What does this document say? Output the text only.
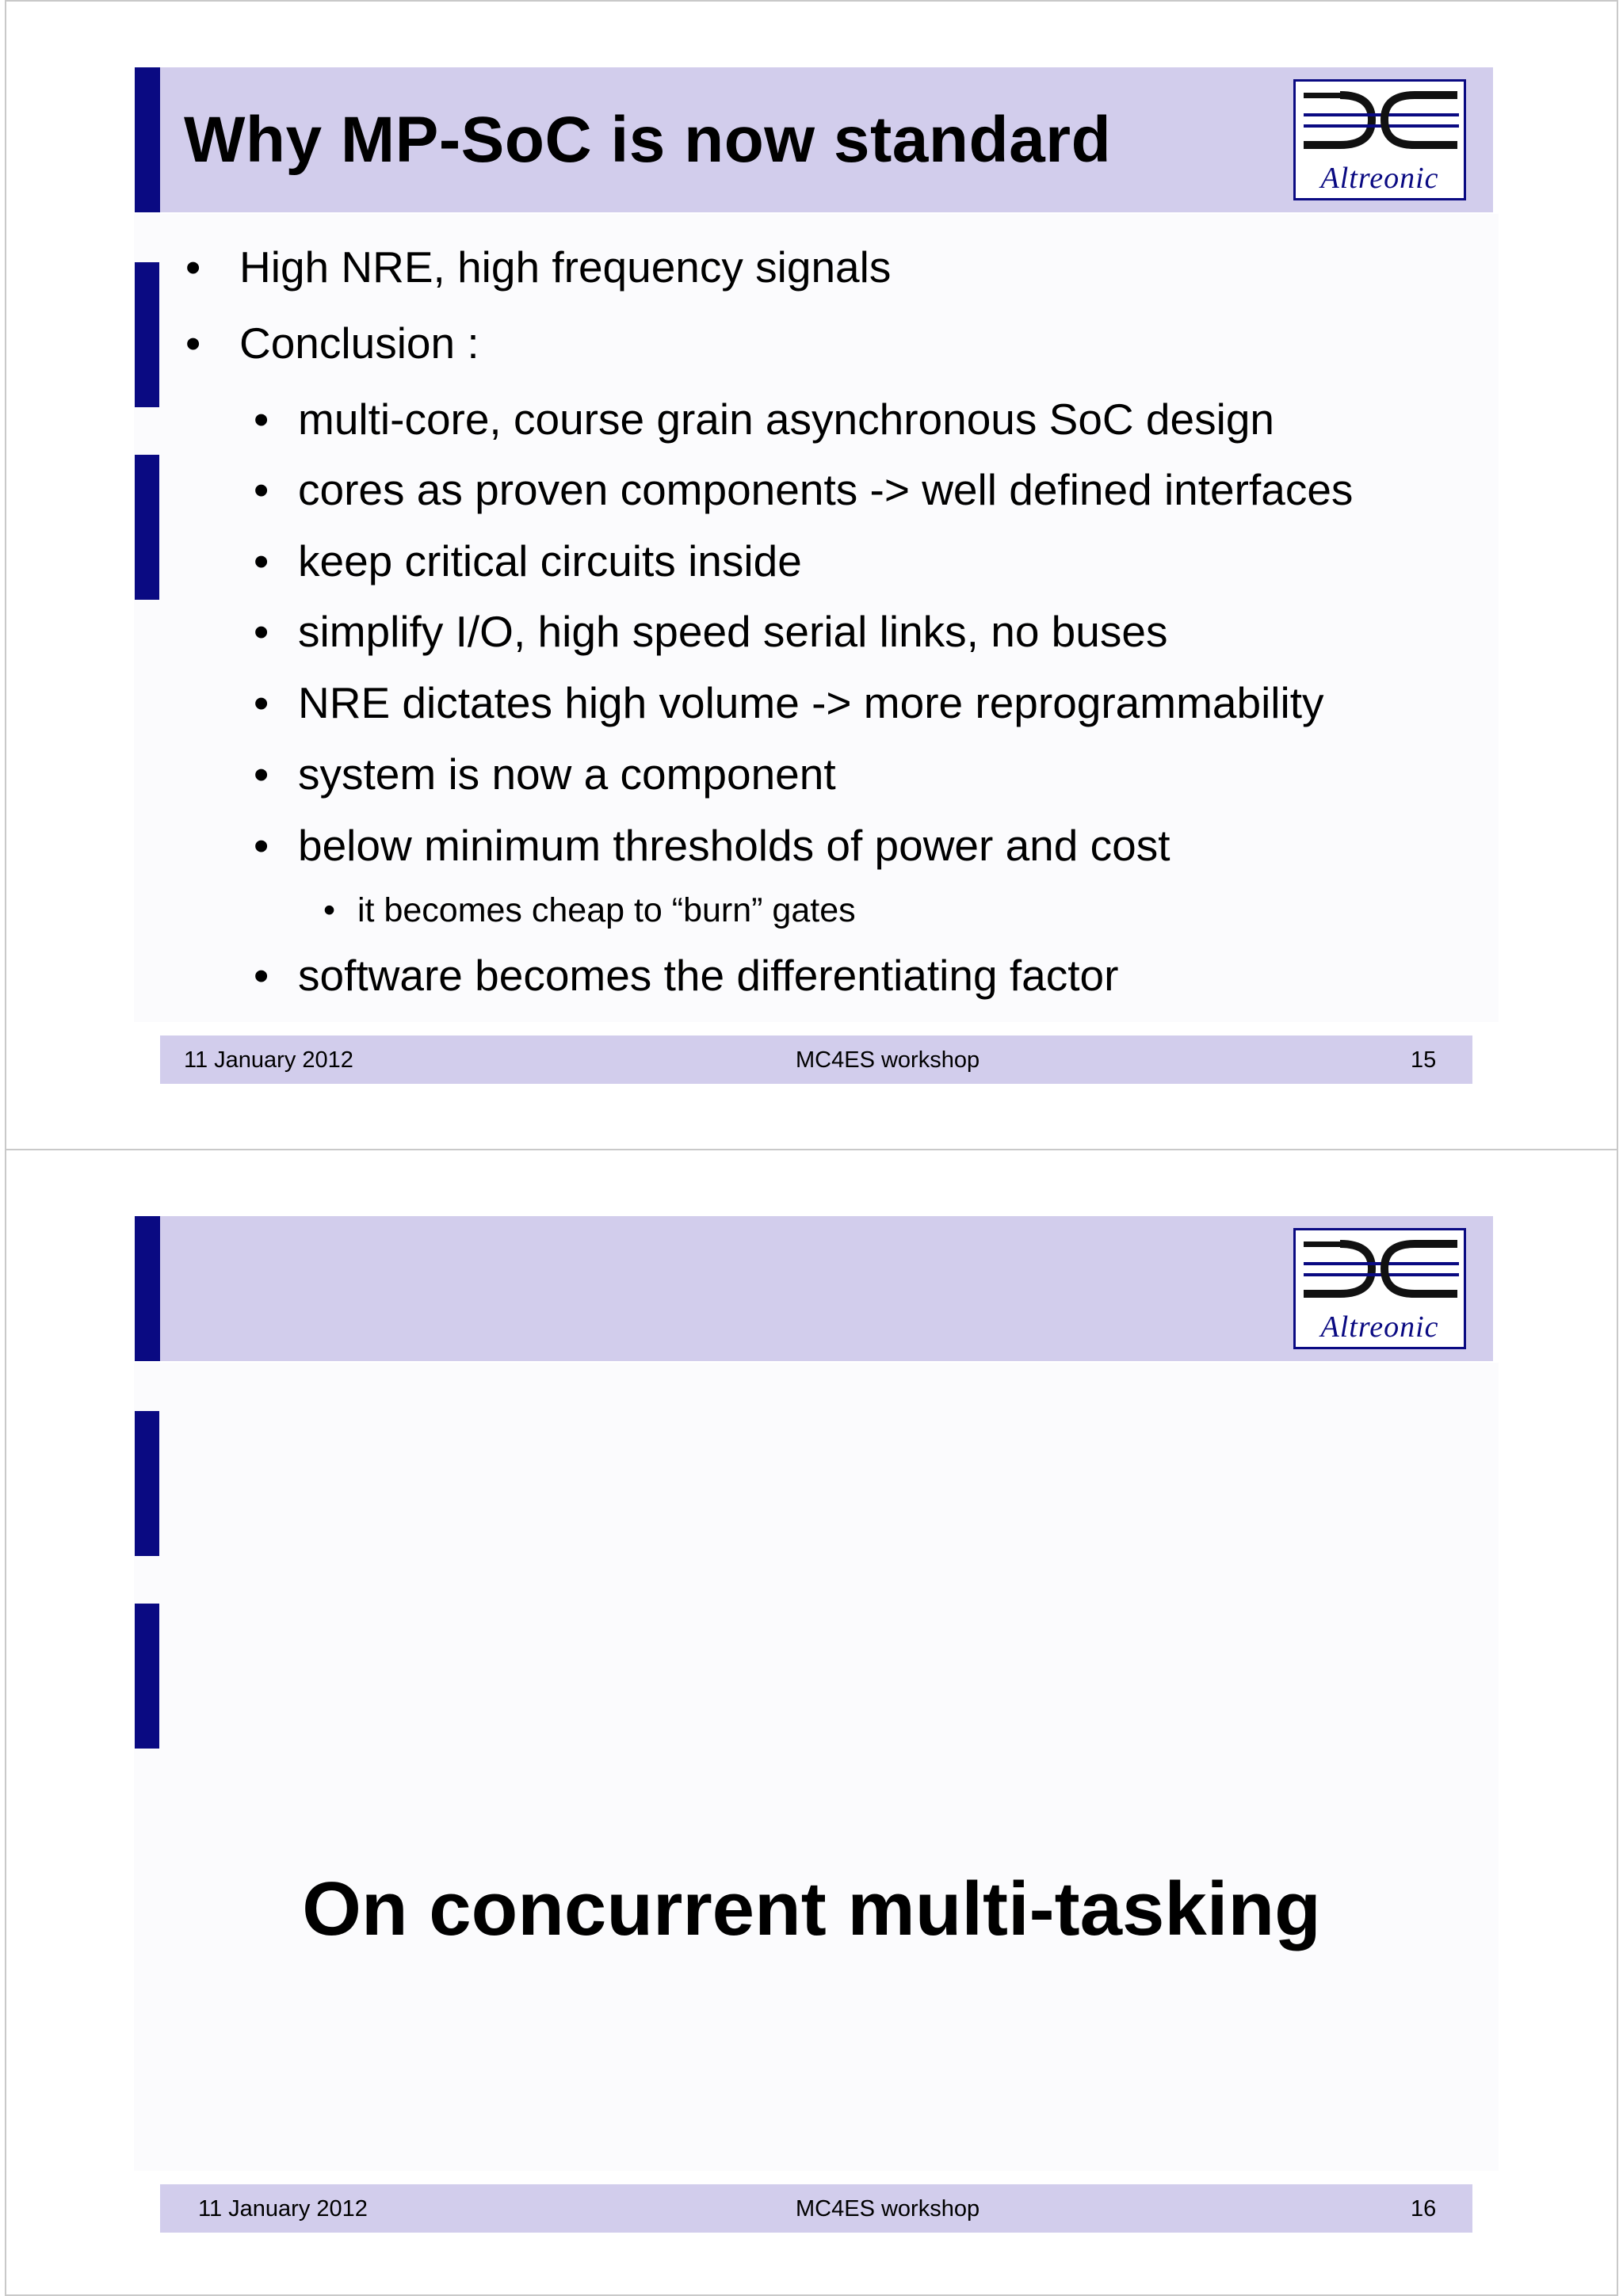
Why MP-SoC is now standard
Altreonic
• High NRE, high frequency signals
• Conclusion :
• multi-core, course grain asynchronous SoC design
• cores as proven components -> well defined interfaces
• keep critical circuits inside
• simplify I/O, high speed serial links, no buses
• NRE dictates high volume -> more reprogrammability
• system is now a component
• below minimum thresholds of power and cost
• it becomes cheap to “burn” gates
• software becomes the differentiating factor
11 January 2012	MC4ES workshop	15
Altreonic
On concurrent multi-tasking
11 January 2012	MC4ES workshop	16
